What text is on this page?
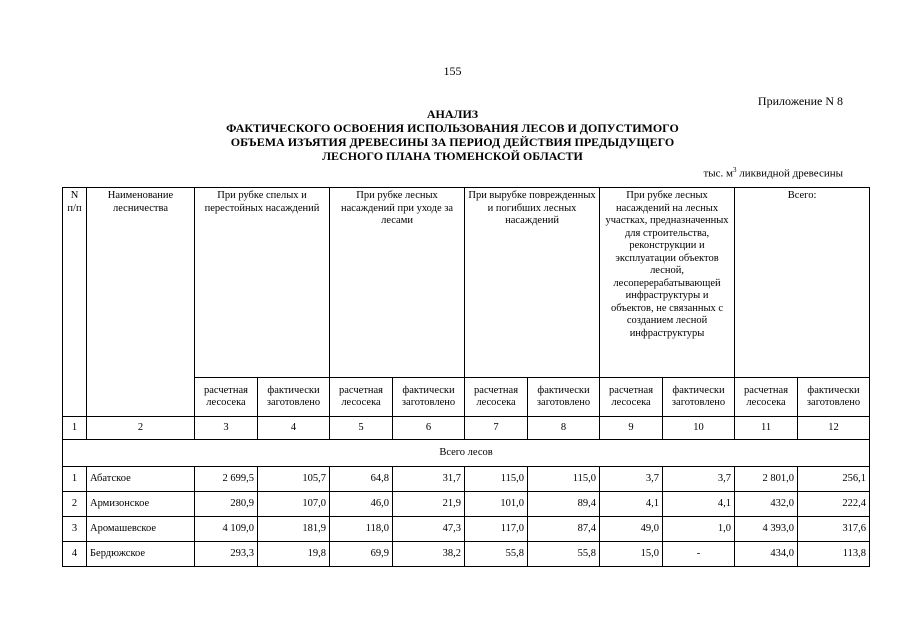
155
Приложение N 8
АНАЛИЗ
ФАКТИЧЕСКОГО ОСВОЕНИЯ ИСПОЛЬЗОВАНИЯ ЛЕСОВ И ДОПУСТИМОГО
ОБЪЕМА ИЗЪЯТИЯ ДРЕВЕСИНЫ ЗА ПЕРИОД ДЕЙСТВИЯ ПРЕДЫДУЩЕГО
ЛЕСНОГО ПЛАНА ТЮМЕНСКОЙ ОБЛАСТИ
тыс. $м^3$ ликвидной древесины
N п/п	Наименование лесничества	При рубке спелых и перестойных насаждений		При рубке лесных насаждений при уходе за лесами		При вырубке поврежденных и погибших лесных насаждений		При рубке лесных насаждений на лесных участках, предназначенных для строительства, реконструкции и эксплуатации объектов лесной, лесоперерабатывающей инфраструктуры и объектов, не связанных с созданием лесной инфраструктуры		Всего:	
		расчетная лесосека	фактически заготовлено	расчетная лесосека	фактически заготовлено	расчетная лесосека	фактически заготовлено	расчетная лесосека	фактически заготовлено	расчетная лесосека	фактически заготовлено
1	2	3	4	5	6	7	8	9	10	11	12
Всего лесов											
1	Абатское	2 699,5	105,7	64,8	31,7	115,0	115,0	3,7	3,7	2 801,0	256,1
2	Армизонское	280,9	107,0	46,0	21,9	101,0	89,4	4,1	4,1	432,0	222,4
3	Аромашевское	4 109,0	181,9	118,0	47,3	117,0	87,4	49,0	1,0	4 393,0	317,6
4	Бердюжское	293,3	19,8	69,9	38,2	55,8	55,8	15,0	-	434,0	113,8
